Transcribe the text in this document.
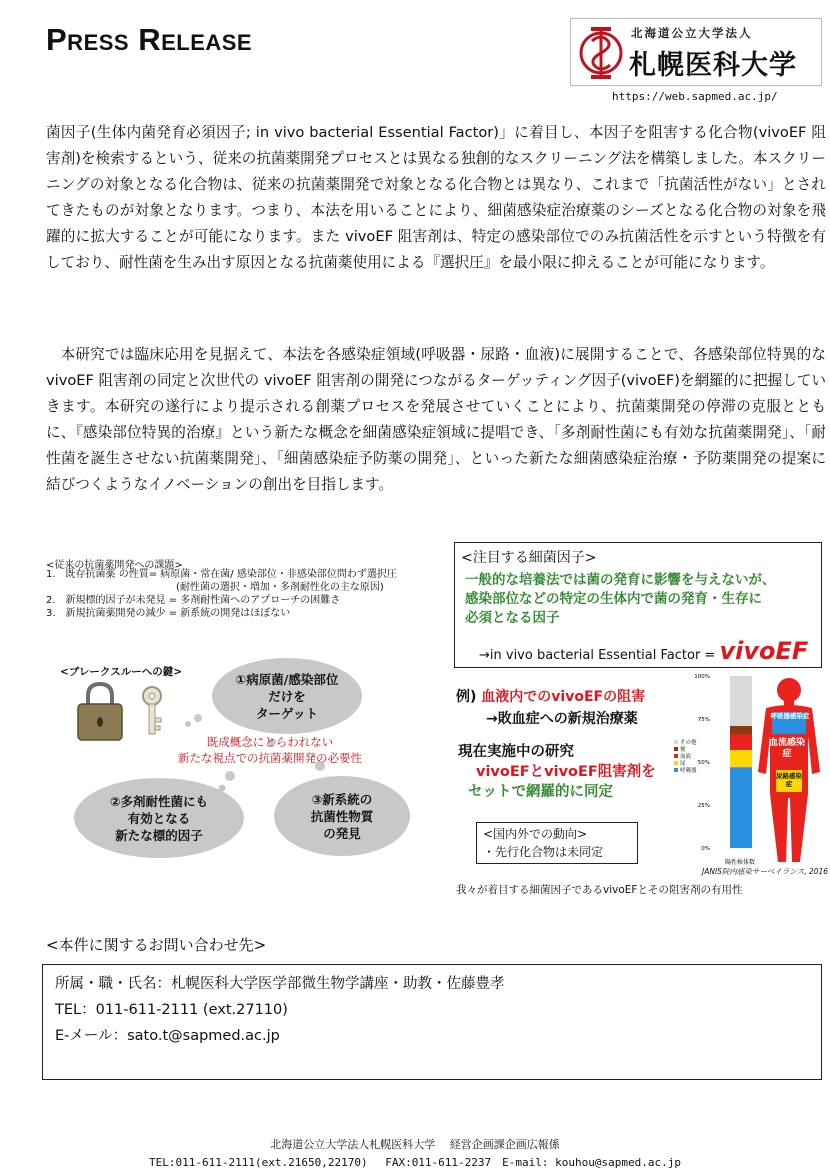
Press Release	北海道公立大学法人
札幌医科大学
https://web.sapmed.ac.jp/

菌因子(生体内菌発育必須因子; in vivo bacterial Essential Factor)」に着目し、本因子を阻害する化合物(vivoEF 阻害剤)を検索するという、従来の抗菌薬開発プロセスとは異なる独創的なスクリーニング法を構築しました。本スクリーニングの対象となる化合物は、従来の抗菌薬開発で対象となる化合物とは異なり、これまで「抗菌活性がない」とされてきたものが対象となります。つまり、本法を用いることにより、細菌感染症治療薬のシーズとなる化合物の対象を飛躍的に拡大することが可能になります。また vivoEF 阻害剤は、特定の感染部位でのみ抗菌活性を示すという特徴を有しており、耐性菌を生み出す原因となる抗菌薬使用による『選択圧』を最小限に抑えることが可能になります。

本研究では臨床応用を見据えて、本法を各感染症領域(呼吸器・尿路・血液)に展開することで、各感染部位特異的な vivoEF 阻害剤の同定と次世代の vivoEF 阻害剤の開発につながるターゲッティング因子(vivoEF)を網羅的に把握していきます。本研究の遂行により提示される創薬プロセスを発展させていくことにより、抗菌薬開発の停滞の克服とともに、『感染部位特異的治療』という新たな概念を細菌感染症領域に提唱でき、「多剤耐性菌にも有効な抗菌薬開発」、「耐性菌を誕生させない抗菌薬開発」、「細菌感染症予防薬の開発」、といった新たな細菌感染症治療・予防薬開発の提案に結びつくようなイノベーションの創出を目指します。

<従来の抗菌薬開発への課題>
1.　既存抗菌薬 の性質= 病原菌・常在菌/ 感染部位・非感染部位問わず選択圧
　　　　　　　　　　　　　(耐性菌の選択・増加・多剤耐性化の主な原因)
2.　新規標的因子が未発見 = 多剤耐性菌へのアプローチの困難さ
3.　新規抗菌薬開発の減少 = 新系統の開発はほぼない
<ブレークスルーへの鍵>	①病原菌/感染部位
だけを
ターゲット
既成概念にとらわれない
新たな視点での抗菌薬開発の必要性
②多剤耐性菌にも
有効となる
新たな標的因子
③新系統の
抗菌性物質
の発見
<注目する細菌因子>
一般的な培養法では菌の発育に影響を与えないが、
感染部位などの特定の生体内で菌の発育・生存に
必須となる因子
→in vivo bacterial Essential Factor = vivoEF
例) 血液内でのvivoEFの阻害
→敗血症への新規治療薬
現在実施中の研究
vivoEFとvivoEF阻害剤を
セットで網羅的に同定
<国内外での動向>
・先行化合物は未同定	0%
25%
50%
75%
100%
その他
便
血液
尿
呼吸器
陽性検体数
呼吸器感染症
血流感染症
尿路感染症
JANIS院内感染サーベイランス, 2016
我々が着目する細菌因子であるvivoEFとその阻害剤の有用性
<本件に関するお問い合わせ先>
所属・職・氏名：札幌医科大学医学部微生物学講座・助教・佐藤豊孝
TEL：011-611-2111 (ext.27110)
E-メール：sato.t@sapmed.ac.jp
北海道公立大学法人札幌医科大学　 経営企画課企画広報係
TEL:011-611-2111(ext.21650,22170)　 FAX:011-611-2237　E-mail: kouhou@sapmed.ac.jp
